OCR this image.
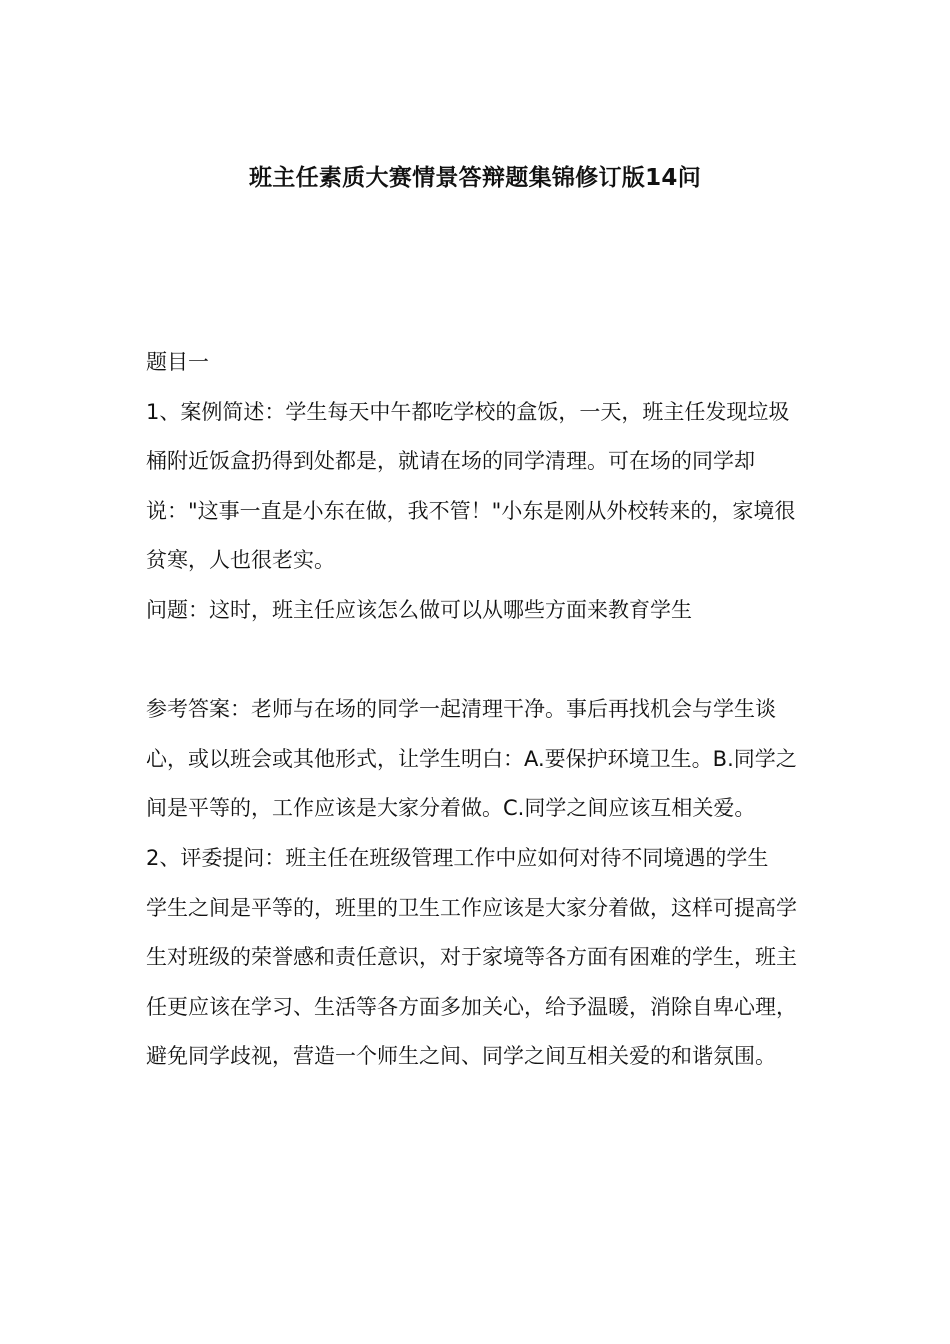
班主任素质大赛情景答辩题集锦修订版14问

题目一

1、案例简述：学生每天中午都吃学校的盒饭，一天，班主任发现垃圾桶附近饭盒扔得到处都是，就请在场的同学清理。可在场的同学却说："这事一直是小东在做，我不管！"小东是刚从外校转来的，家境很贫寒，人也很老实。

问题：这时，班主任应该怎么做可以从哪些方面来教育学生

参考答案：老师与在场的同学一起清理干净。事后再找机会与学生谈心，或以班会或其他形式，让学生明白：A.要保护环境卫生。B.同学之间是平等的，工作应该是大家分着做。C.同学之间应该互相关爱。

2、评委提问：班主任在班级管理工作中应如何对待不同境遇的学生

学生之间是平等的，班里的卫生工作应该是大家分着做，这样可提高学生对班级的荣誉感和责任意识，对于家境等各方面有困难的学生，班主任更应该在学习、生活等各方面多加关心，给予温暖，消除自卑心理，避免同学歧视，营造一个师生之间、同学之间互相关爱的和谐氛围。
